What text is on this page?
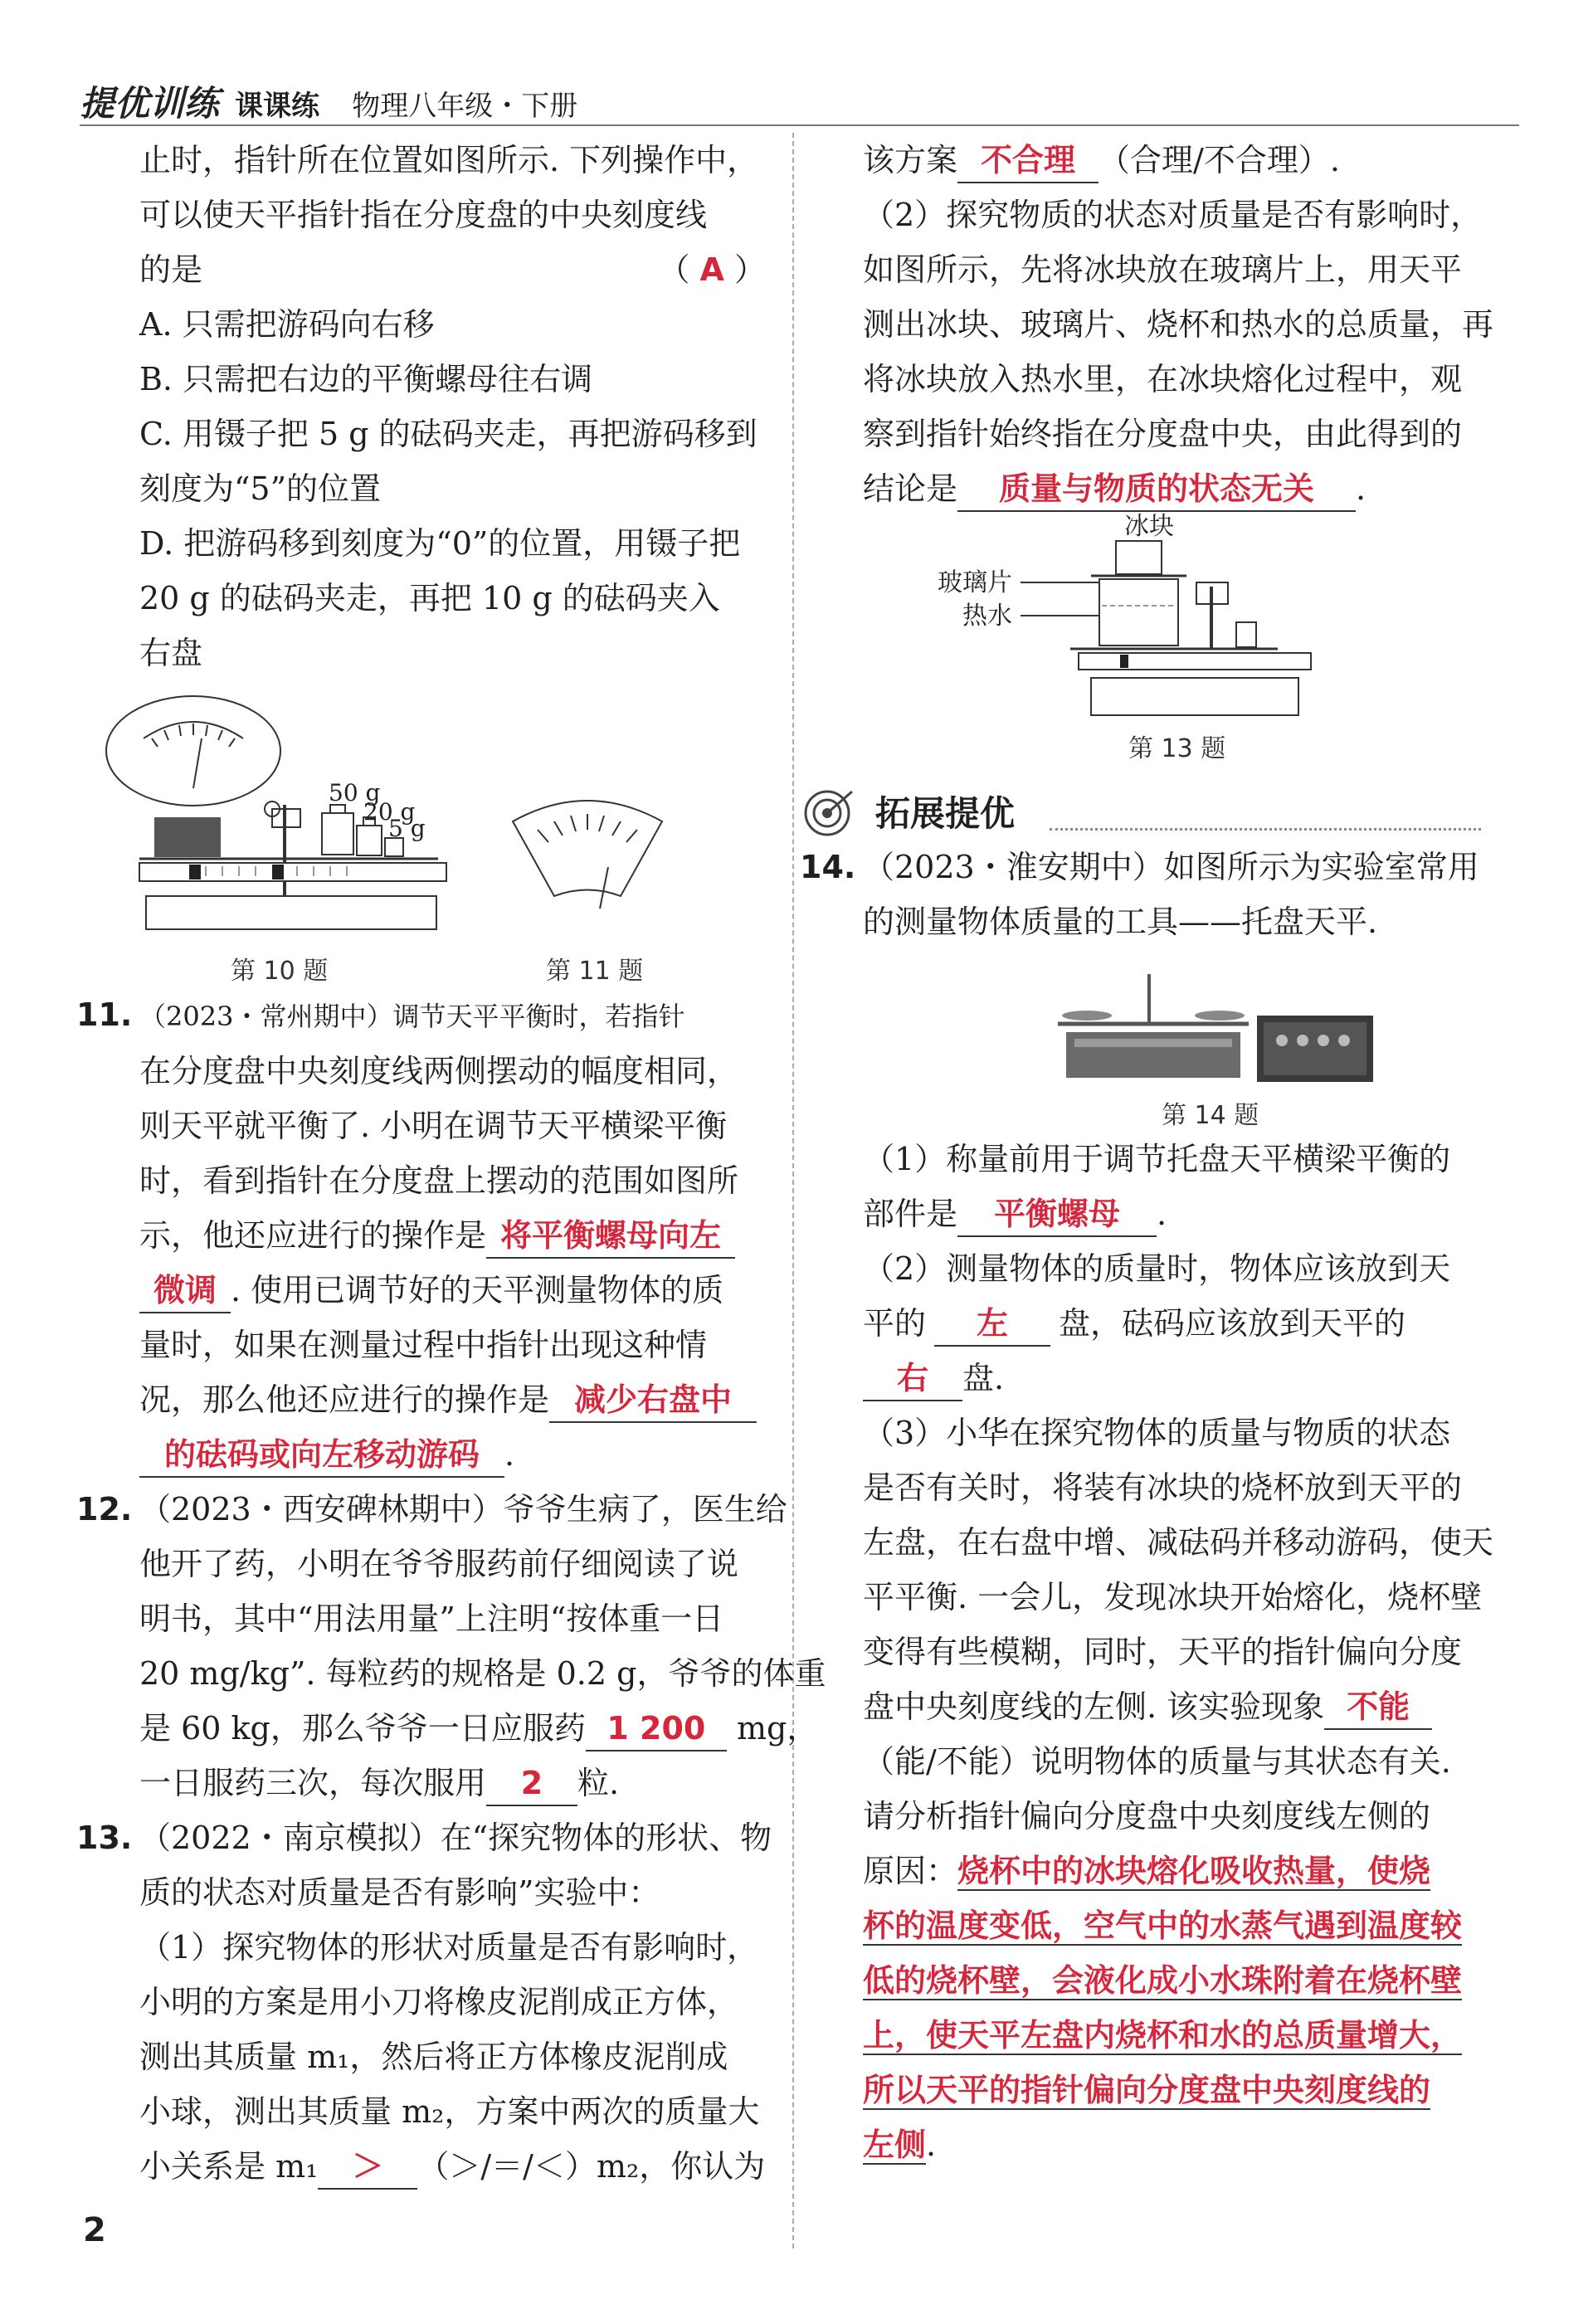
提优训练 课课练 物理八年级・下册
止时，指针所在位置如图所示. 下列操作中，
可以使天平指针指在分度盘的中央刻度线
的是	（ A ）
A. 只需把游码向右移
B. 只需把右边的平衡螺母往右调
C. 用镊子把 5 g 的砝码夹走，再把游码移到
刻度为“5”的位置
D. 把游码移到刻度为“0”的位置，用镊子把
20 g 的砝码夹走，再把 10 g 的砝码夹入
右盘
50 g
20 g
5 g
第 10 题	第 11 题
11. （2023・常州期中）调节天平平衡时，若指针
在分度盘中央刻度线两侧摆动的幅度相同，
则天平就平衡了. 小明在调节天平横梁平衡
时，看到指针在分度盘上摆动的范围如图所
示，他还应进行的操作是 将平衡螺母向左
微调 . 使用已调节好的天平测量物体的质
量时，如果在测量过程中指针出现这种情
况，那么他还应进行的操作是 减少右盘中
的砝码或向左移动游码 .
12. （2023・西安碑林期中）爷爷生病了，医生给
他开了药，小明在爷爷服药前仔细阅读了说
明书，其中“用法用量”上注明“按体重一日
20 mg/kg”. 每粒药的规格是 0.2 g，爷爷的体重
是 60 kg，那么爷爷一日应服药 1 200 mg，
一日服药三次，每次服用 2 粒.
13. （2022・南京模拟）在“探究物体的形状、物
质的状态对质量是否有影响”实验中：
（1）探究物体的形状对质量是否有影响时，
小明的方案是用小刀将橡皮泥削成正方体，
测出其质量 m₁，然后将正方体橡皮泥削成
小球，测出其质量 m₂，方案中两次的质量大
小关系是 m₁ ＞ （＞/＝/＜）m₂，你认为
该方案 不合理 （合理/不合理）.
（2）探究物质的状态对质量是否有影响时，
如图所示，先将冰块放在玻璃片上，用天平
测出冰块、玻璃片、烧杯和热水的总质量，再
将冰块放入热水里，在冰块熔化过程中，观
察到指针始终指在分度盘中央，由此得到的
结论是 质量与物质的状态无关 .
冰块
玻璃片
热水
第 13 题
14. （2023・淮安期中）如图所示为实验室常用
的测量物体质量的工具——托盘天平.
第 14 题
（1）称量前用于调节托盘天平横梁平衡的
部件是 平衡螺母 .
（2）测量物体的质量时，物体应该放到天
平的 左 盘，砝码应该放到天平的
右 盘.
（3）小华在探究物体的质量与物质的状态
是否有关时，将装有冰块的烧杯放到天平的
左盘，在右盘中增、减砝码并移动游码，使天
平平衡. 一会儿，发现冰块开始熔化，烧杯壁
变得有些模糊，同时，天平的指针偏向分度
盘中央刻度线的左侧. 该实验现象 不能
（能/不能）说明物体的质量与其状态有关.
请分析指针偏向分度盘中央刻度线左侧的
原因：烧杯中的冰块熔化吸收热量，使烧
杯的温度变低，空气中的水蒸气遇到温度较
低的烧杯壁，会液化成小水珠附着在烧杯壁
上，使天平左盘内烧杯和水的总质量增大，
所以天平的指针偏向分度盘中央刻度线的
左侧.
拓展提优
2
